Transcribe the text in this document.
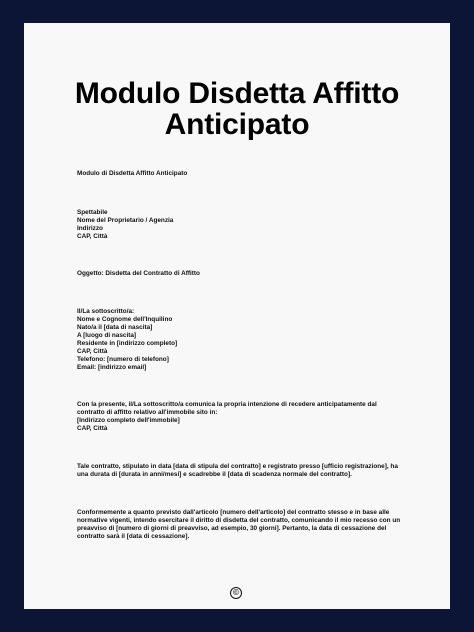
Modulo Disdetta Affitto
Anticipato
Modulo di Disdetta Affitto Anticipato
Spettabile
Nome del Proprietario / Agenzia
Indirizzo
CAP, Città
Oggetto: Disdetta del Contratto di Affitto
Il/La sottoscritto/a:
Nome e Cognome dell'Inquilino
Nato/a il [data di nascita]
A [luogo di nascita]
Residente in [indirizzo completo]
CAP, Città
Telefono: [numero di telefono]
Email: [indirizzo email]
Con la presente, il/La sottoscritto/a comunica la propria intenzione di recedere anticipatamente dal
contratto di affitto relativo all'immobile sito in:
[Indirizzo completo dell'immobile]
CAP, Città
Tale contratto, stipulato in data [data di stipula del contratto] e registrato presso [ufficio registrazione], ha
una durata di [durata in anni/mesi] e scadrebbe il [data di scadenza normale del contratto].
Conformemente a quanto previsto dall'articolo [numero dell'articolo] del contratto stesso e in base alle
normative vigenti, intendo esercitare il diritto di disdetta del contratto, comunicando il mio recesso con un
preavviso di [numero di giorni di preavviso, ad esempio, 30 giorni]. Pertanto, la data di cessazione del
contratto sarà il [data di cessazione].
©
